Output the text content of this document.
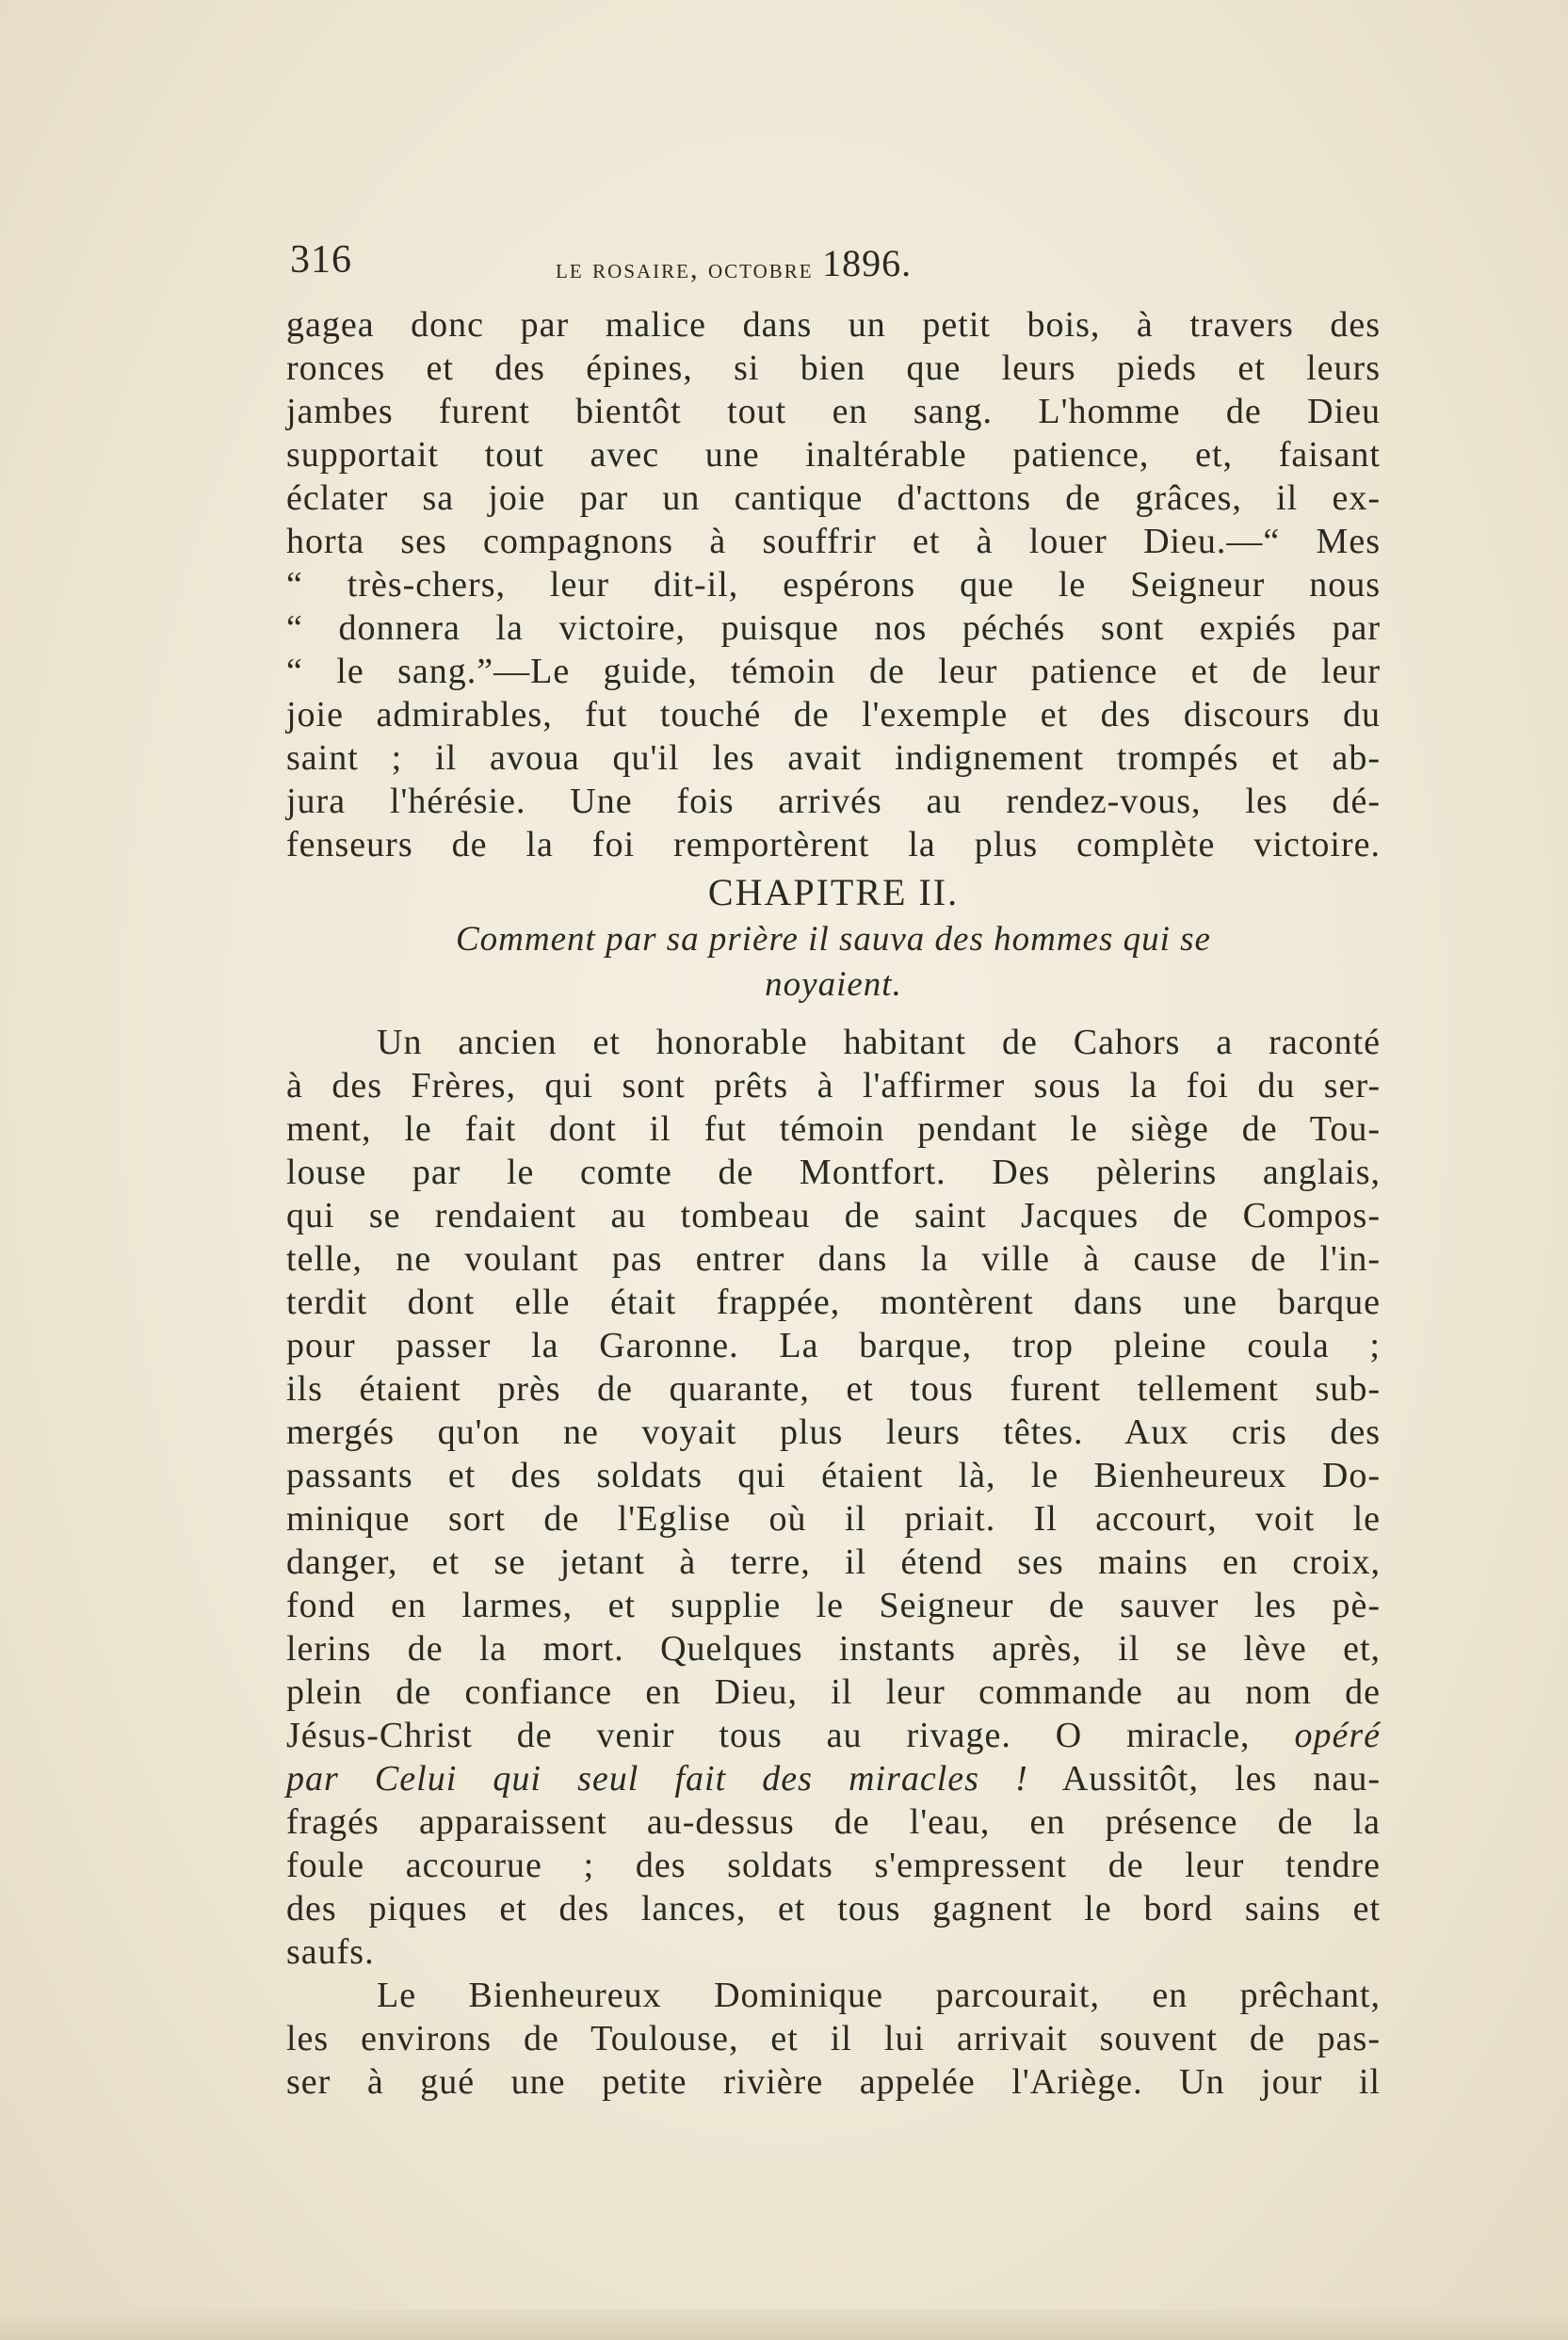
316	le rosaire, octobre 1896.
gagea donc par malice dans un petit bois, à travers des
ronces et des épines, si bien que leurs pieds et leurs
jambes furent bientôt tout en sang. L'homme de Dieu
supportait tout avec une inaltérable patience, et, faisant
éclater sa joie par un cantique d'acttons de grâces, il ex-
horta ses compagnons à souffrir et à louer Dieu.—“ Mes
“ très-chers, leur dit-il, espérons que le Seigneur nous
“ donnera la victoire, puisque nos péchés sont expiés par
“ le sang.”—Le guide, témoin de leur patience et de leur
joie admirables, fut touché de l'exemple et des discours du
saint ; il avoua qu'il les avait indignement trompés et ab-
jura l'hérésie. Une fois arrivés au rendez-vous, les dé-
fenseurs de la foi remportèrent la plus complète victoire.
CHAPITRE II.
Comment par sa prière il sauva des hommes qui se
noyaient.
Un ancien et honorable habitant de Cahors a raconté
à des Frères, qui sont prêts à l'affirmer sous la foi du ser-
ment, le fait dont il fut témoin pendant le siège de Tou-
louse par le comte de Montfort. Des pèlerins anglais,
qui se rendaient au tombeau de saint Jacques de Compos-
telle, ne voulant pas entrer dans la ville à cause de l'in-
terdit dont elle était frappée, montèrent dans une barque
pour passer la Garonne. La barque, trop pleine coula ;
ils étaient près de quarante, et tous furent tellement sub-
mergés qu'on ne voyait plus leurs têtes. Aux cris des
passants et des soldats qui étaient là, le Bienheureux Do-
minique sort de l'Eglise où il priait. Il accourt, voit le
danger, et se jetant à terre, il étend ses mains en croix,
fond en larmes, et supplie le Seigneur de sauver les pè-
lerins de la mort. Quelques instants après, il se lève et,
plein de confiance en Dieu, il leur commande au nom de
Jésus-Christ de venir tous au rivage. O miracle, opéré
par Celui qui seul fait des miracles ! Aussitôt, les nau-
fragés apparaissent au-dessus de l'eau, en présence de la
foule accourue ; des soldats s'empressent de leur tendre
des piques et des lances, et tous gagnent le bord sains et
saufs.
Le Bienheureux Dominique parcourait, en prêchant,
les environs de Toulouse, et il lui arrivait souvent de pas-
ser à gué une petite rivière appelée l'Ariège. Un jour il
